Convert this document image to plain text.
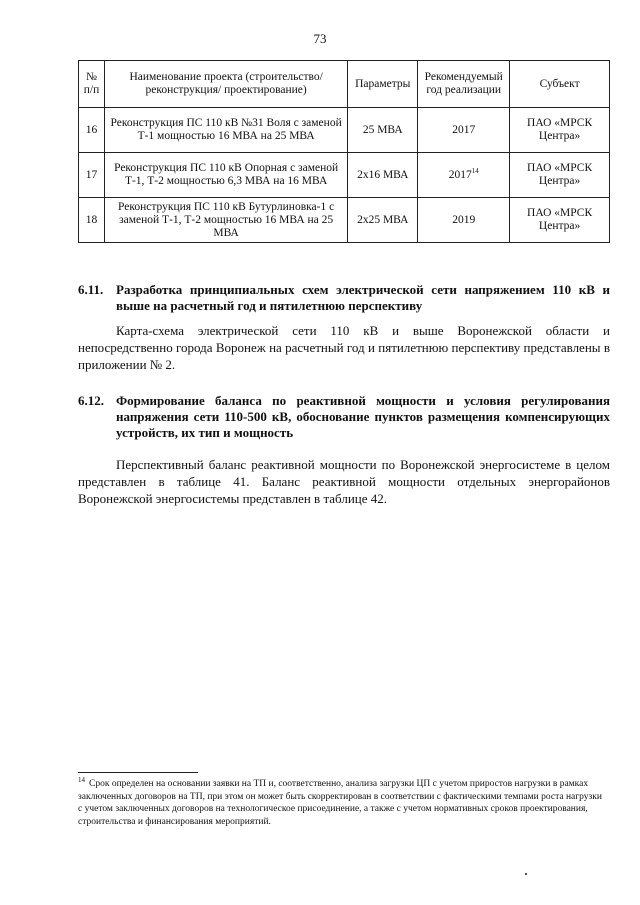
73
№ п/п	Наименование проекта (строительство/реконструкция/ проектирование)	Параметры	Рекомендуемый год реализации	Субъект
16	Реконструкция ПС 110 кВ №31 Воля с заменой Т-1 мощностью 16 МВА на 25 МВА	25 МВА	2017	ПАО «МРСК Центра»
17	Реконструкция ПС 110 кВ Опорная с заменой Т-1, Т-2 мощностью 6,3 МВА на 16 МВА	2х16 МВА	2017$^{14}$	ПАО «МРСК Центра»
18	Реконструкция ПС 110 кВ Бутурлиновка-1 с заменой Т-1, Т-2 мощностью 16 МВА на 25 МВА	2х25 МВА	2019	ПАО «МРСК Центра»
6.11. Разработка принципиальных схем электрической сети напряжением 110 кВ и выше на расчетный год и пятилетнюю перспективу
Карта-схема электрической сети 110 кВ и выше Воронежской области и непосредственно города Воронеж на расчетный год и пятилетнюю перспективу представлены в приложении № 2.
6.12. Формирование баланса по реактивной мощности и условия регулирования напряжения сети 110-500 кВ, обоснование пунктов размещения компенсирующих устройств, их тип и мощность
Перспективный баланс реактивной мощности по Воронежской энергосистеме в целом представлен в таблице 41. Баланс реактивной мощности отдельных энергорайонов Воронежской энергосистемы представлен в таблице 42.
$^{14}$ Срок определен на основании заявки на ТП и, соответственно, анализа загрузки ЦП с учетом приростов нагрузки в рамках заключенных договоров на ТП, при этом он может быть скорректирован в соответствии с фактическими темпами роста нагрузки с учетом заключенных договоров на технологическое присоединение, а также с учетом нормативных сроков проектирования, строительства и финансирования мероприятий.
